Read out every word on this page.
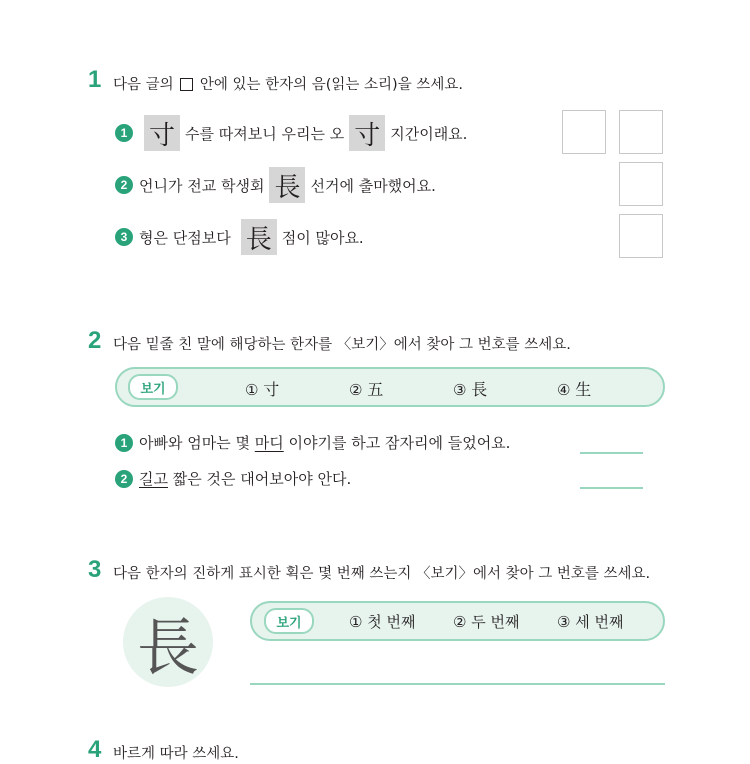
1 다음 글의 안에 있는 한자의 음(읽는 소리)을 쓰세요.
1 寸 수를 따져보니 우리는 오 寸 지간이래요.
2 언니가 전교 학생회 長 선거에 출마했어요.
3 형은 단점보다 長 점이 많아요.
2 다음 밑줄 친 말에 해당하는 한자를 〈보기〉에서 찾아 그 번호를 쓰세요.
보기	① 寸	② 五	③ 長	④ 生
1 아빠와 엄마는 몇 마디 이야기를 하고 잠자리에 들었어요.
2 길고 짧은 것은 대어보아야 안다.
3 다음 한자의 진하게 표시한 획은 몇 번째 쓰는지 〈보기〉에서 찾아 그 번호를 쓰세요.
長	보기	① 첫 번째	② 두 번째	③ 세 번째
4 바르게 따라 쓰세요.
